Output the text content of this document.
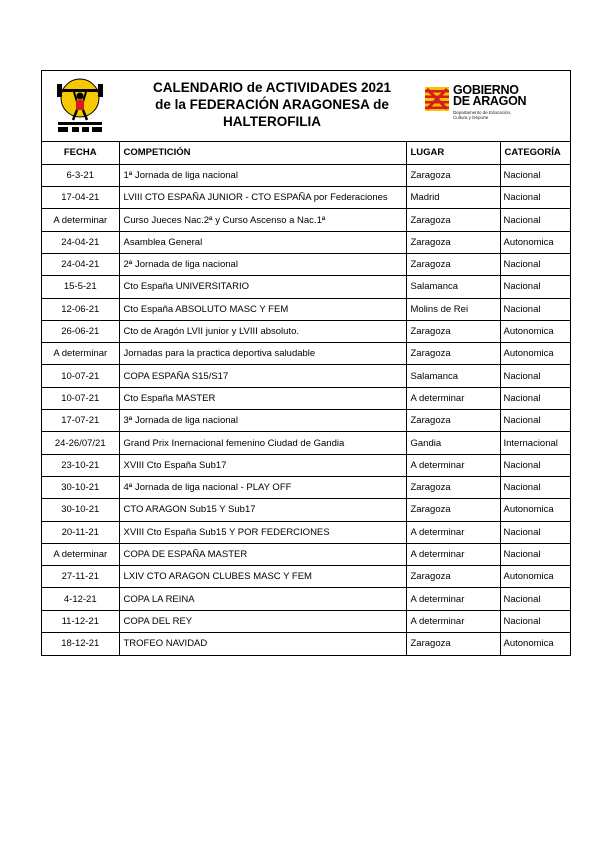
CALENDARIO de ACTIVIDADES 2021
de la FEDERACIÓN ARAGONESA de
HALTEROFILIA
GOBIERNO
DE ARAGON
Departamento de Educación,
Cultura y Deporte
FECHA	COMPETICIÓN	LUGAR	CATEGORÍA
6-3-21	1ª Jornada de liga nacional	Zaragoza	Nacional
17-04-21	LVIII CTO ESPAÑA JUNIOR - CTO ESPAÑA por Federaciones	Madrid	Nacional
A determinar	Curso Jueces Nac.2ª y Curso Ascenso a Nac.1ª	Zaragoza	Nacional
24-04-21	Asamblea General	Zaragoza	Autonomica
24-04-21	2ª Jornada de liga nacional	Zaragoza	Nacional
15-5-21	Cto España UNIVERSITARIO	Salamanca	Nacional
12-06-21	Cto España ABSOLUTO MASC Y FEM	Molins de Rei	Nacional
26-06-21	Cto de Aragón LVII junior y LVIII absoluto.	Zaragoza	Autonomica
A determinar	Jornadas para la practica deportiva saludable	Zaragoza	Autonomica
10-07-21	COPA ESPAÑA S15/S17	Salamanca	Nacional
10-07-21	Cto España MASTER	A determinar	Nacional
17-07-21	3ª Jornada de liga nacional	Zaragoza	Nacional
24-26/07/21	Grand Prix Inernacional femenino Ciudad de Gandia	Gandia	Internacional
23-10-21	XVIII Cto España Sub17	A determinar	Nacional
30-10-21	4ª Jornada de liga nacional - PLAY OFF	Zaragoza	Nacional
30-10-21	CTO ARAGON Sub15 Y Sub17	Zaragoza	Autonomica
20-11-21	XVIII Cto España Sub15 Y POR FEDERCIONES	A determinar	Nacional
A determinar	COPA DE ESPAÑA MASTER	A determinar	Nacional
27-11-21	LXIV CTO ARAGON CLUBES MASC Y FEM	Zaragoza	Autonomica
4-12-21	COPA LA REINA	A determinar	Nacional
11-12-21	COPA DEL REY	A determinar	Nacional
18-12-21	TROFEO NAVIDAD	Zaragoza	Autonomica
